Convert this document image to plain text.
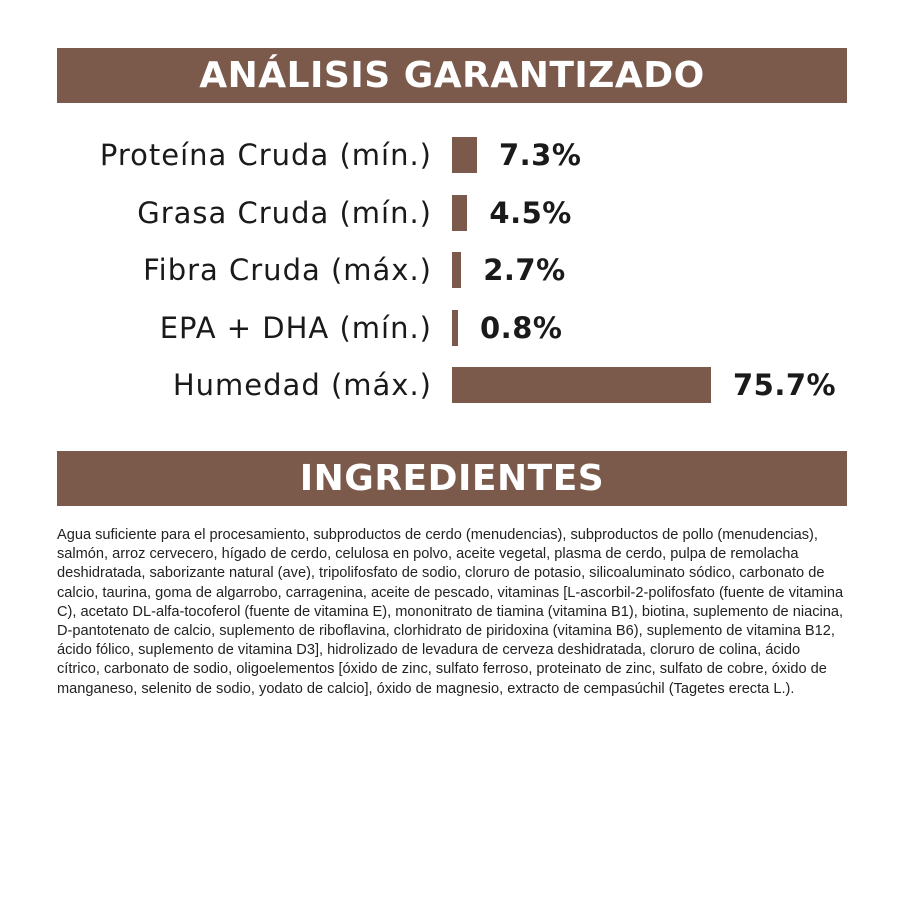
ANÁLISIS GARANTIZADO
Proteína Cruda (mín.) 7.3%
Grasa Cruda (mín.) 4.5%
Fibra Cruda (máx.) 2.7%
EPA + DHA (mín.) 0.8%
Humedad (máx.)	75.7%
INGREDIENTES

Agua suficiente para el procesamiento, subproductos de cerdo (menudencias), subproductos de pollo (menudencias), salmón, arroz cervecero, hígado de cerdo, celulosa en polvo, aceite vegetal, plasma de cerdo, pulpa de remolacha deshidratada, saborizante natural (ave), tripolifosfato de sodio, cloruro de potasio, silicoaluminato sódico, carbonato de calcio, taurina, goma de algarrobo, carragenina, aceite de pescado, vitaminas [L-ascorbil-2-polifosfato (fuente de vitamina C), acetato DL-alfa-tocoferol (fuente de vitamina E), mononitrato de tiamina (vitamina B1), biotina, suplemento de niacina, D-pantotenato de calcio, suplemento de riboflavina, clorhidrato de piridoxina (vitamina B6), suplemento de vitamina B12, ácido fólico, suplemento de vitamina D3], hidrolizado de levadura de cerveza deshidratada, cloruro de colina, ácido cítrico, carbonato de sodio, oligoelementos [óxido de zinc, sulfato ferroso, proteinato de zinc, sulfato de cobre, óxido de manganeso, selenito de sodio, yodato de calcio], óxido de magnesio, extracto de cempasúchil (Tagetes erecta L.).
